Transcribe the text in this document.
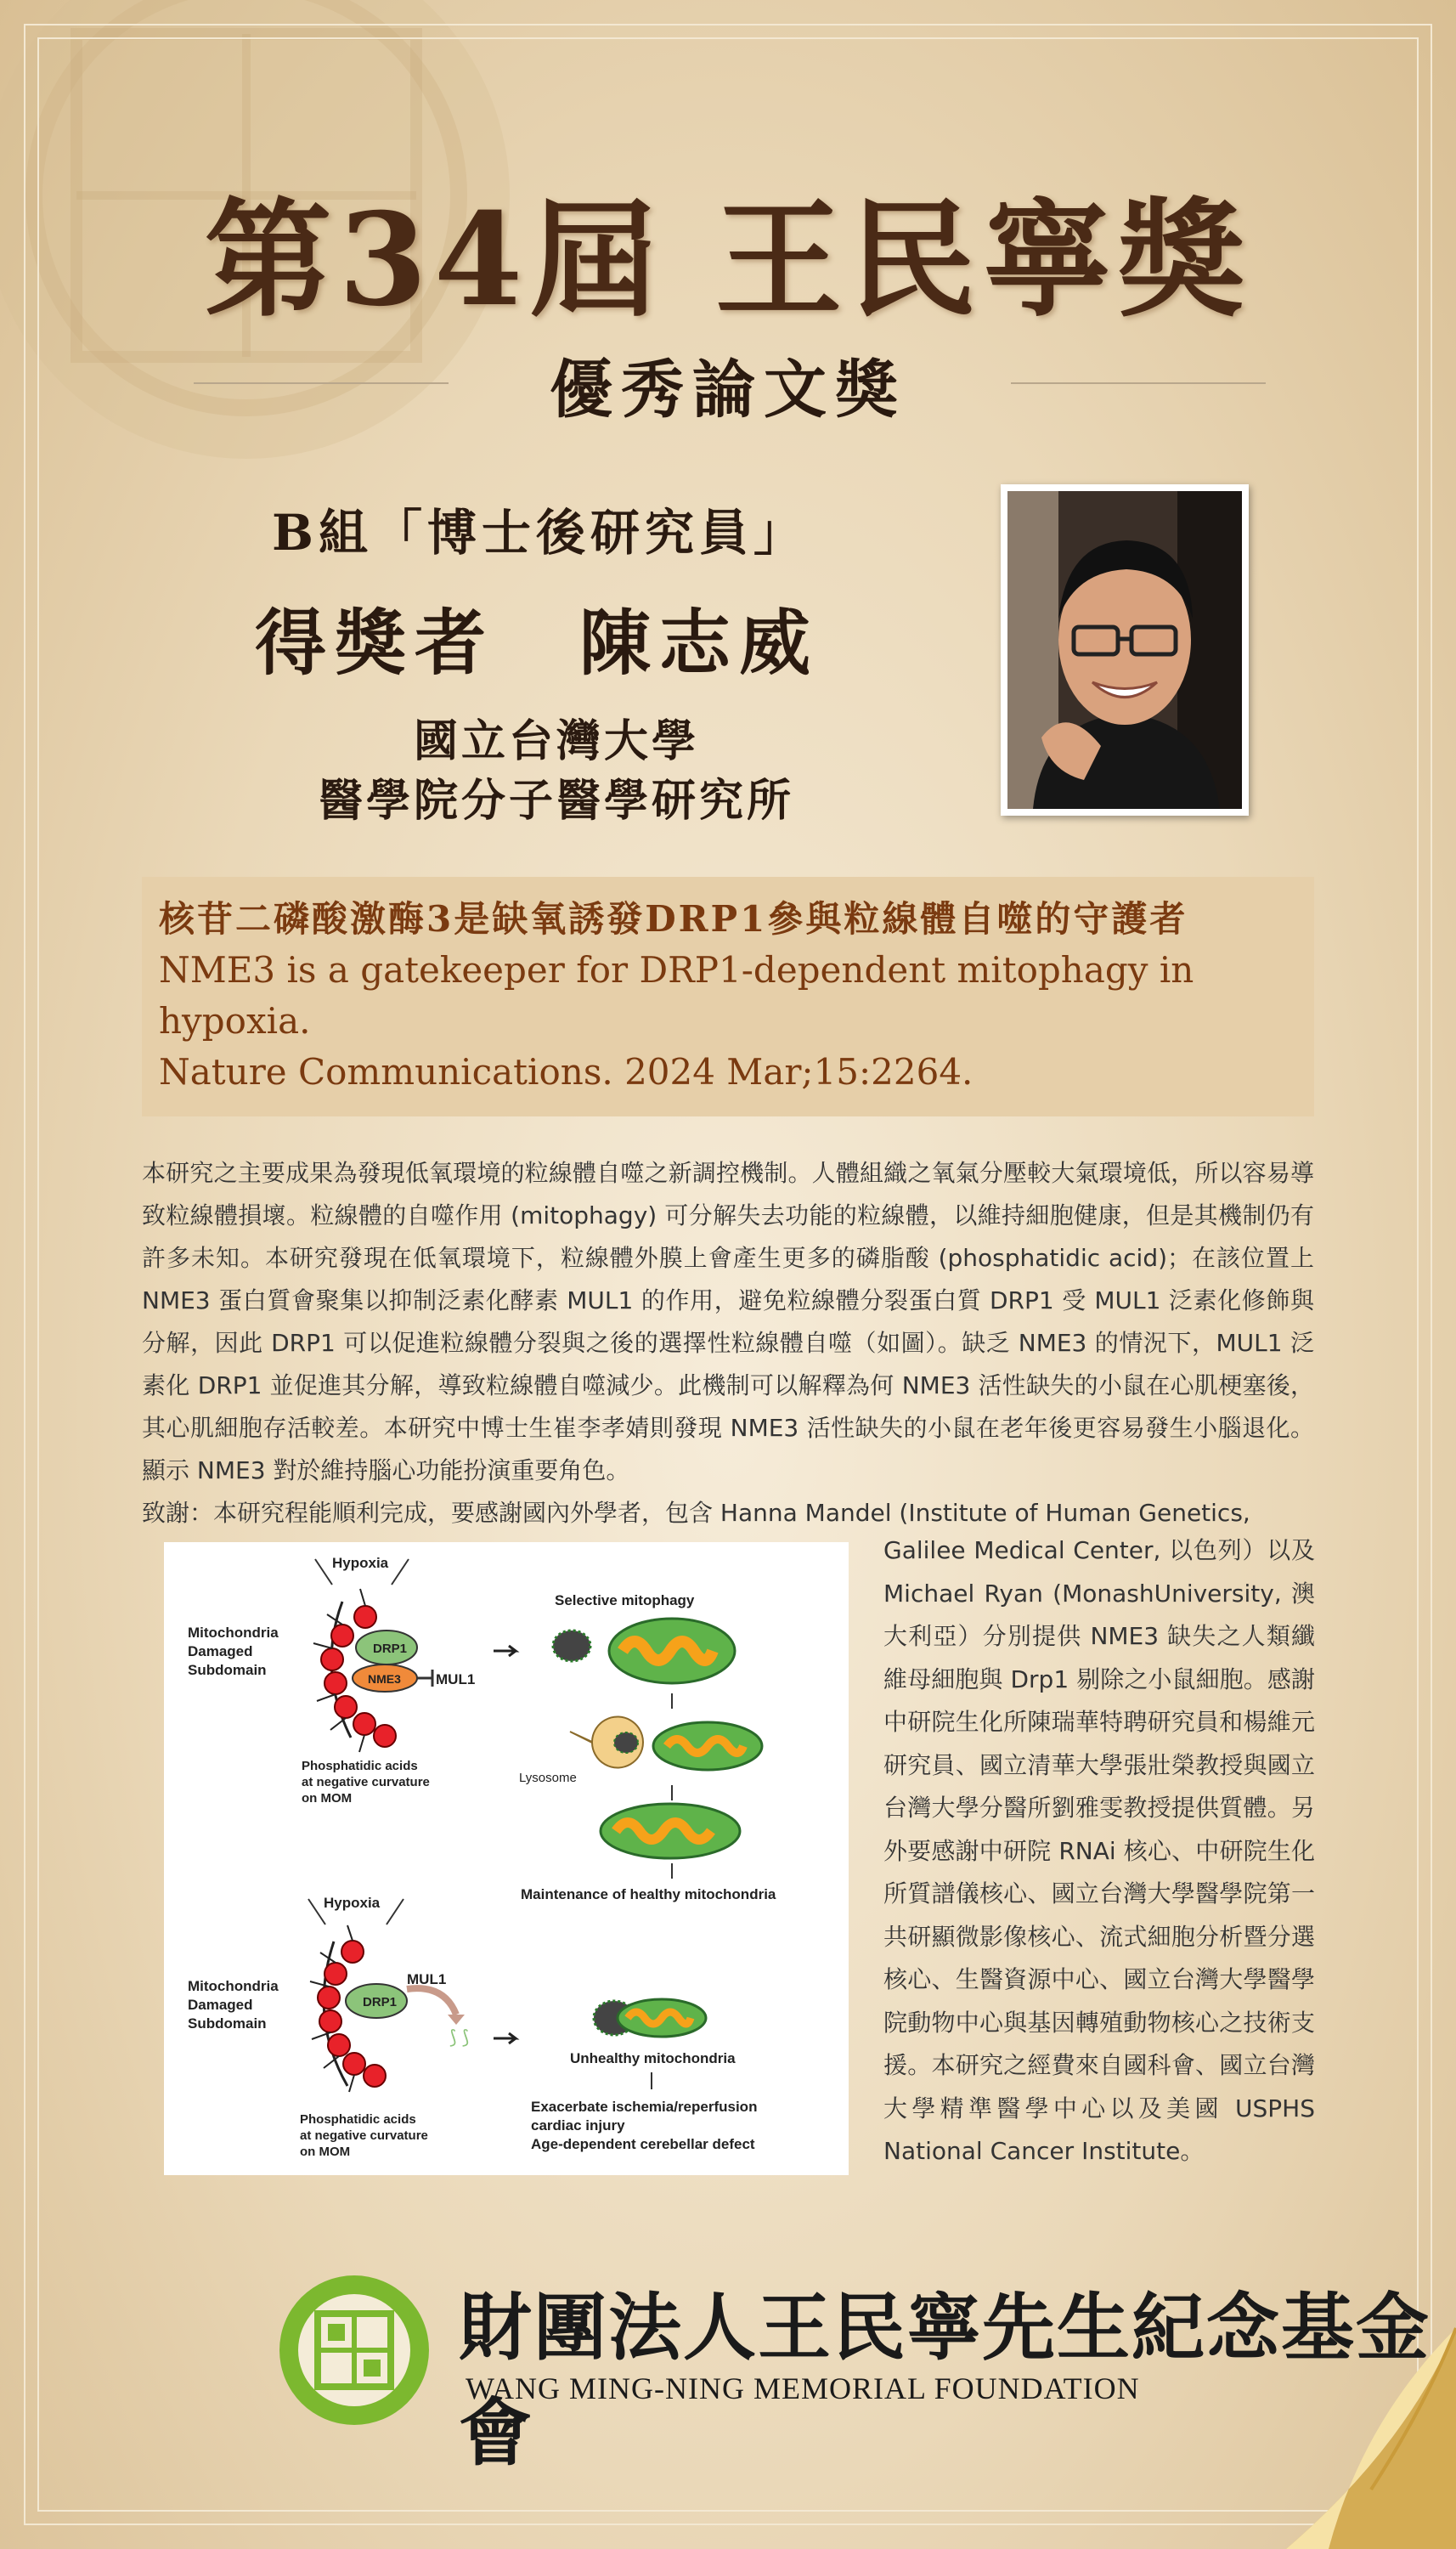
第34屆 王民寧獎
優秀論文獎
B組「博士後研究員」
得獎者 陳志威
國立台灣大學
醫學院分子醫學研究所
核苷二磷酸激酶3是缺氧誘發DRP1參與粒線體自噬的守護者
NME3 is a gatekeeper for DRP1-dependent mitophagy in hypoxia.
Nature Communications. 2024 Mar;15:2264.

本研究之主要成果為發現低氧環境的粒線體自噬之新調控機制。人體組織之氧氣分壓較大氣環境低，所以容易導致粒線體損壞。粒線體的自噬作用 (mitophagy) 可分解失去功能的粒線體，以維持細胞健康，但是其機制仍有許多未知。本研究發現在低氧環境下，粒線體外膜上會產生更多的磷脂酸 (phosphatidic acid)；在該位置上 NME3 蛋白質會聚集以抑制泛素化酵素 MUL1 的作用，避免粒線體分裂蛋白質 DRP1 受 MUL1 泛素化修飾與分解，因此 DRP1 可以促進粒線體分裂與之後的選擇性粒線體自噬（如圖）。缺乏 NME3 的情況下，MUL1 泛素化 DRP1 並促進其分解，導致粒線體自噬減少。此機制可以解釋為何 NME3 活性缺失的小鼠在心肌梗塞後，其心肌細胞存活較差。本研究中博士生崔李孝婧則發現 NME3 活性缺失的小鼠在老年後更容易發生小腦退化。顯示 NME3 對於維持腦心功能扮演重要角色。

致謝：本研究程能順利完成，要感謝國內外學者，包含 Hanna Mandel (Institute of Human Genetics,

Galilee Medical Center, 以色列）以及 Michael Ryan (MonashUniversity, 澳大利亞）分別提供 NME3 缺失之人類纖維母細胞與 Drp1 剔除之小鼠細胞。感謝中研院生化所陳瑞華特聘研究員和楊維元研究員、國立清華大學張壯榮教授與國立台灣大學分醫所劉雅雯教授提供質體。另外要感謝中研院 RNAi 核心、中研院生化所質譜儀核心、國立台灣大學醫學院第一共研顯微影像核心、流式細胞分析暨分選核心、生醫資源中心、國立台灣大學醫學院動物中心與基因轉殖動物核心之技術支援。本研究之經費來自國科會、國立台灣大學精準醫學中心以及美國 USPHS National Cancer Institute。
Hypoxia
Mitochondria
Damaged
Subdomain
DRP1
NME3 MUL1
Phosphatidic acids
at negative curvature
on MOM
Selective mitophagy
Lysosome
Maintenance of healthy mitochondria
Hypoxia
Mitochondria
Damaged
Subdomain
DRP1
MUL1
⟆ ⟆
Unhealthy mitochondria
Exacerbate ischemia/reperfusion
cardiac injury
Age-dependent cerebellar defect
Phosphatidic acids
at negative curvature
on MOM
財團法人王民寧先生紀念基金會
WANG MING-NING MEMORIAL FOUNDATION
